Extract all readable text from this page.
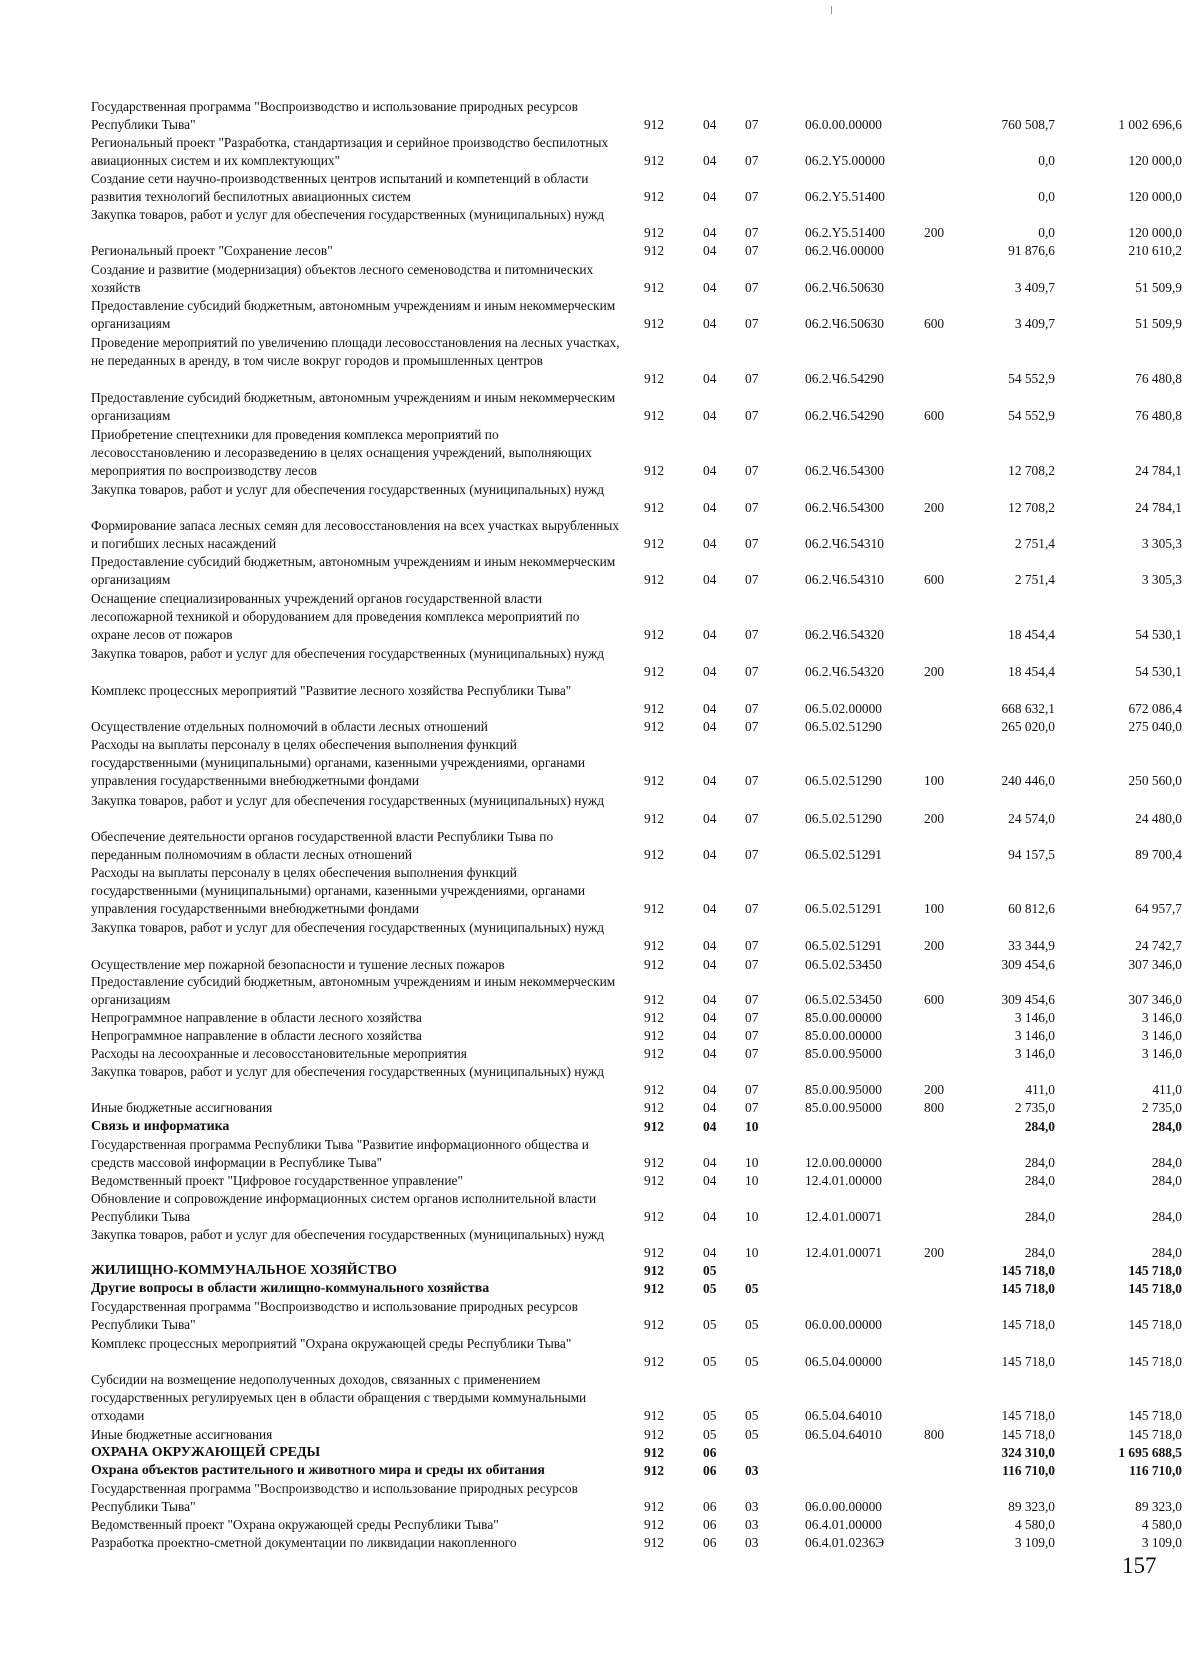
Государственная программа "Воспроизводство и использование природных ресурсов Республики Тыва"	912	04 07	06.0.00.00000	760 508,7	1 002 696,6
Региональный проект "Разработка, стандартизация и серийное производство беспилотных авиационных систем и их комплектующих"	912	04 07	06.2.Y5.00000	0,0	120 000,0
Создание сети научно-производственных центров испытаний и компетенций в области развития технологий беспилотных авиационных систем	912	04 07	06.2.Y5.51400	0,0	120 000,0
Закупка товаров, работ и услуг для обеспечения государственных (муниципальных) нужд
912	04 07	06.2.Y5.51400	200	0,0	120 000,0
Региональный проект "Сохранение лесов"	912	04 07	06.2.Ч6.00000	91 876,6	210 610,2
Создание и развитие (модернизация) объектов лесного семеноводства и питомнических хозяйств	912	04 07	06.2.Ч6.50630	3 409,7	51 509,9
Предоставление субсидий бюджетным, автономным учреждениям и иным некоммерческим организациям	912	04 07	06.2.Ч6.50630	600	3 409,7	51 509,9
Проведение мероприятий по увеличению площади лесовосстановления на лесных участках, не переданных в аренду, в том числе вокруг городов и промышленных центров
912	04 07	06.2.Ч6.54290	54 552,9	76 480,8
Предоставление субсидий бюджетным, автономным учреждениям и иным некоммерческим организациям	912	04 07	06.2.Ч6.54290	600	54 552,9	76 480,8
Приобретение спецтехники для проведения комплекса мероприятий по лесовосстановлению и лесоразведению в целях оснащения учреждений, выполняющих мероприятия по воспроизводству лесов	912	04 07	06.2.Ч6.54300	12 708,2	24 784,1
Закупка товаров, работ и услуг для обеспечения государственных (муниципальных) нужд
912	04 07	06.2.Ч6.54300	200	12 708,2	24 784,1
Формирование запаса лесных семян для лесовосстановления на всех участках вырубленных и погибших лесных насаждений	912	04 07	06.2.Ч6.54310	2 751,4	3 305,3
Предоставление субсидий бюджетным, автономным учреждениям и иным некоммерческим организациям	912	04 07	06.2.Ч6.54310	600	2 751,4	3 305,3
Оснащение специализированных учреждений органов государственной власти лесопожарной техникой и оборудованием для проведения комплекса мероприятий по охране лесов от пожаров	912	04 07	06.2.Ч6.54320	18 454,4	54 530,1
Закупка товаров, работ и услуг для обеспечения государственных (муниципальных) нужд
912	04 07	06.2.Ч6.54320	200	18 454,4	54 530,1
Комплекс процессных мероприятий "Развитие лесного хозяйства Республики Тыва"
912	04 07	06.5.02.00000	668 632,1	672 086,4
Осуществление отдельных полномочий в области лесных отношений	912	04 07	06.5.02.51290	265 020,0	275 040,0
Расходы на выплаты персоналу в целях обеспечения выполнения функций государственными (муниципальными) органами, казенными учреждениями, органами управления государственными внебюджетными фондами	912	04 07	06.5.02.51290	100	240 446,0	250 560,0
Закупка товаров, работ и услуг для обеспечения государственных (муниципальных) нужд
912	04 07	06.5.02.51290	200	24 574,0	24 480,0
Обеспечение деятельности органов государственной власти Республики Тыва по переданным полномочиям в области лесных отношений	912	04 07	06.5.02.51291	94 157,5	89 700,4
Расходы на выплаты персоналу в целях обеспечения выполнения функций государственными (муниципальными) органами, казенными учреждениями, органами управления государственными внебюджетными фондами	912	04 07	06.5.02.51291	100	60 812,6	64 957,7
Закупка товаров, работ и услуг для обеспечения государственных (муниципальных) нужд
912	04 07	06.5.02.51291	200	33 344,9	24 742,7
Осуществление мер пожарной безопасности и тушение лесных пожаров	912	04 07	06.5.02.53450	309 454,6	307 346,0
Предоставление субсидий бюджетным, автономным учреждениям и иным некоммерческим организациям	912	04 07	06.5.02.53450	600	309 454,6	307 346,0
Непрограммное направление в области лесного хозяйства	912	04 07	85.0.00.00000	3 146,0	3 146,0
Непрограммное направление в области лесного хозяйства	912	04 07	85.0.00.00000	3 146,0	3 146,0
Расходы на лесоохранные и лесовосстановительные мероприятия	912	04 07	85.0.00.95000	3 146,0	3 146,0
Закупка товаров, работ и услуг для обеспечения государственных (муниципальных) нужд
912	04 07	85.0.00.95000	200	411,0	411,0
Иные бюджетные ассигнования	912	04 07	85.0.00.95000	800	2 735,0	2 735,0
Связь и информатика	912	04 10	284,0	284,0
Государственная программа Республики Тыва "Развитие информационного общества и средств массовой информации в Республике Тыва"	912	04 10	12.0.00.00000	284,0	284,0
Ведомственный проект "Цифровое государственное управление"	912	04 10	12.4.01.00000	284,0	284,0
Обновление и сопровождение информационных систем органов исполнительной власти Республики Тыва	912	04 10	12.4.01.00071	284,0	284,0
Закупка товаров, работ и услуг для обеспечения государственных (муниципальных) нужд
912	04 10	12.4.01.00071	200	284,0	284,0
ЖИЛИЩНО-КОММУНАЛЬНОЕ ХОЗЯЙСТВО	912	05	145 718,0	145 718,0
Другие вопросы в области жилищно-коммунального хозяйства	912	05 05	145 718,0	145 718,0
Государственная программа "Воспроизводство и использование природных ресурсов Республики Тыва"	912	05 05	06.0.00.00000	145 718,0	145 718,0
Комплекс процессных мероприятий "Охрана окружающей среды Республики Тыва"
912	05 05	06.5.04.00000	145 718,0	145 718,0
Субсидии на возмещение недополученных доходов, связанных с применением государственных регулируемых цен в области обращения с твердыми коммунальными отходами	912	05 05	06.5.04.64010	145 718,0	145 718,0
Иные бюджетные ассигнования	912	05 05	06.5.04.64010	800	145 718,0	145 718,0
ОХРАНА ОКРУЖАЮЩЕЙ СРЕДЫ	912	06	324 310,0	1 695 688,5
Охрана объектов растительного и животного мира и среды их обитания	912	06 03	116 710,0	116 710,0
Государственная программа "Воспроизводство и использование природных ресурсов Республики Тыва"	912	06 03	06.0.00.00000	89 323,0	89 323,0
Ведомственный проект "Охрана окружающей среды Республики Тыва"	912	06 03	06.4.01.00000	4 580,0	4 580,0
Разработка проектно-сметной документации по ликвидации накопленного	912	06 03	06.4.01.0236Э	3 109,0	3 109,0
157
